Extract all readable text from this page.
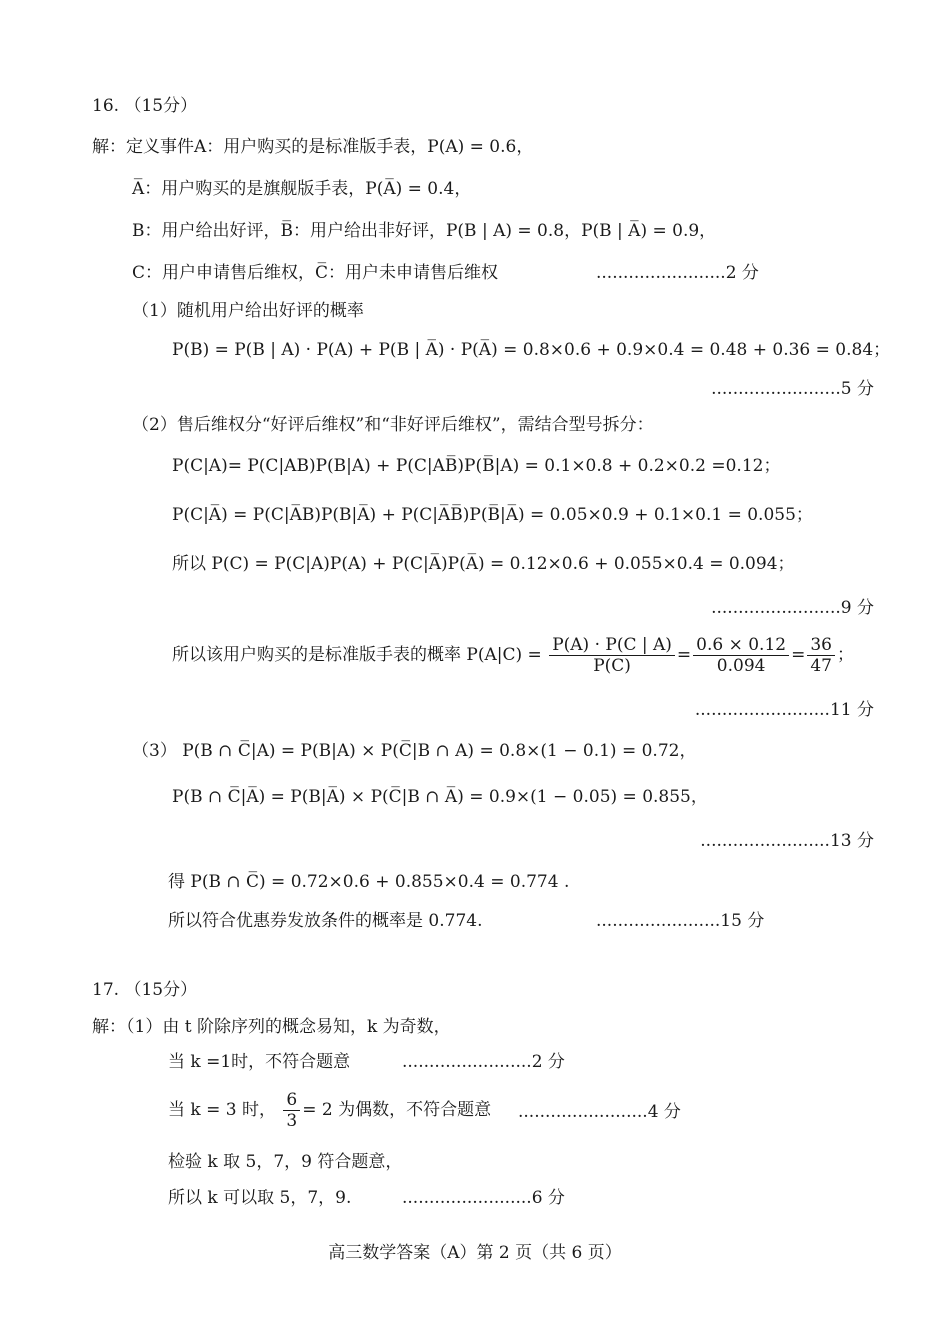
16. （15分）
解：定义事件A：用户购买的是标准版手表，P(A) = 0.6，
A̅：用户购买的是旗舰版手表，P(A̅) = 0.4，
B：用户给出好评，B̅：用户给出非好评，P(B | A) = 0.8，P(B | A̅) = 0.9，
C：用户申请售后维权，C̅：用户未申请售后维权	........................2 分
（1）随机用户给出好评的概率
P(B) = P(B | A) · P(A) + P(B | A̅) · P(A̅) = 0.8×0.6 + 0.9×0.4 = 0.48 + 0.36 = 0.84；
........................5 分
（2）售后维权分“好评后维权”和“非好评后维权”，需结合型号拆分：
P(C|A)= P(C|AB)P(B|A) + P(C|AB̅)P(B̅|A) = 0.1×0.8 + 0.2×0.2 =0.12；
P(C|A̅) = P(C|A̅B)P(B|A̅) + P(C|A̅B̅)P(B̅|A̅) = 0.05×0.9 + 0.1×0.1 = 0.055；
所以 P(C) = P(C|A)P(A) + P(C|A̅)P(A̅) = 0.12×0.6 + 0.055×0.4 = 0.094；
........................9 分
所以该用户购买的是标准版手表的概率 $P(A|C) = \frac{P(A) \cdot P(C | A)}{P(C)} = \frac{0.6 \times 0.12}{0.094} = \frac{36}{47}$ ；
.........................11 分
（3） P(B ∩ C̅|A) = P(B|A) × P(C̅|B ∩ A) = 0.8×(1 − 0.1) = 0.72，
P(B ∩ C̅|A̅) = P(B|A̅) × P(C̅|B ∩ A̅) = 0.9×(1 − 0.05) = 0.855，
........................13 分
得 P(B ∩ C̅) = 0.72×0.6 + 0.855×0.4 = 0.774 .
所以符合优惠券发放条件的概率是 0.774.	.......................15 分
17. （15分）
解：（1）由 t 阶除序列的概念易知，k 为奇数，
当 k =1时，不符合题意	........................2 分
当 k = 3 时， $\frac{6}{3} = 2$ 为偶数，不符合题意 ........................4 分
检验 k 取 5，7，9 符合题意，
所以 k 可以取 5，7，9.	........................6 分
高三数学答案（A）第 2 页（共 6 页）
